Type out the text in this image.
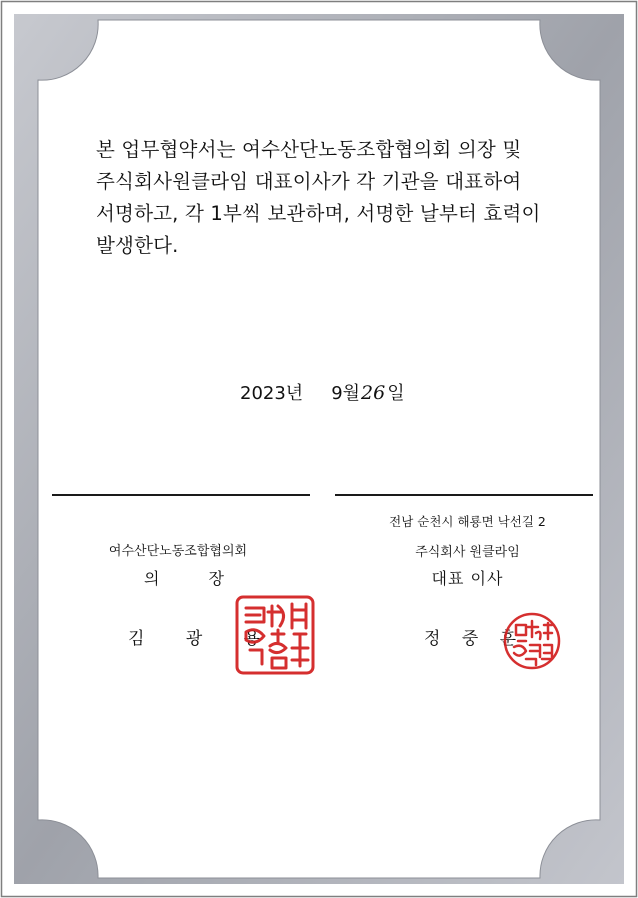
본 업무협약서는 여수산단노동조합협의회 의장 및
주식회사원클라임 대표이사가 각 기관을 대표하여
서명하고, 각 1부씩 보관하며, 서명한 날부터 효력이
발생한다.
2023년 9월26 일
여수산단노동조합협의회
의 장
김 광 용
전남 순천시 해룡면 낙선길 2
주식회사 원클라임
대표 이사
정 중 훈
